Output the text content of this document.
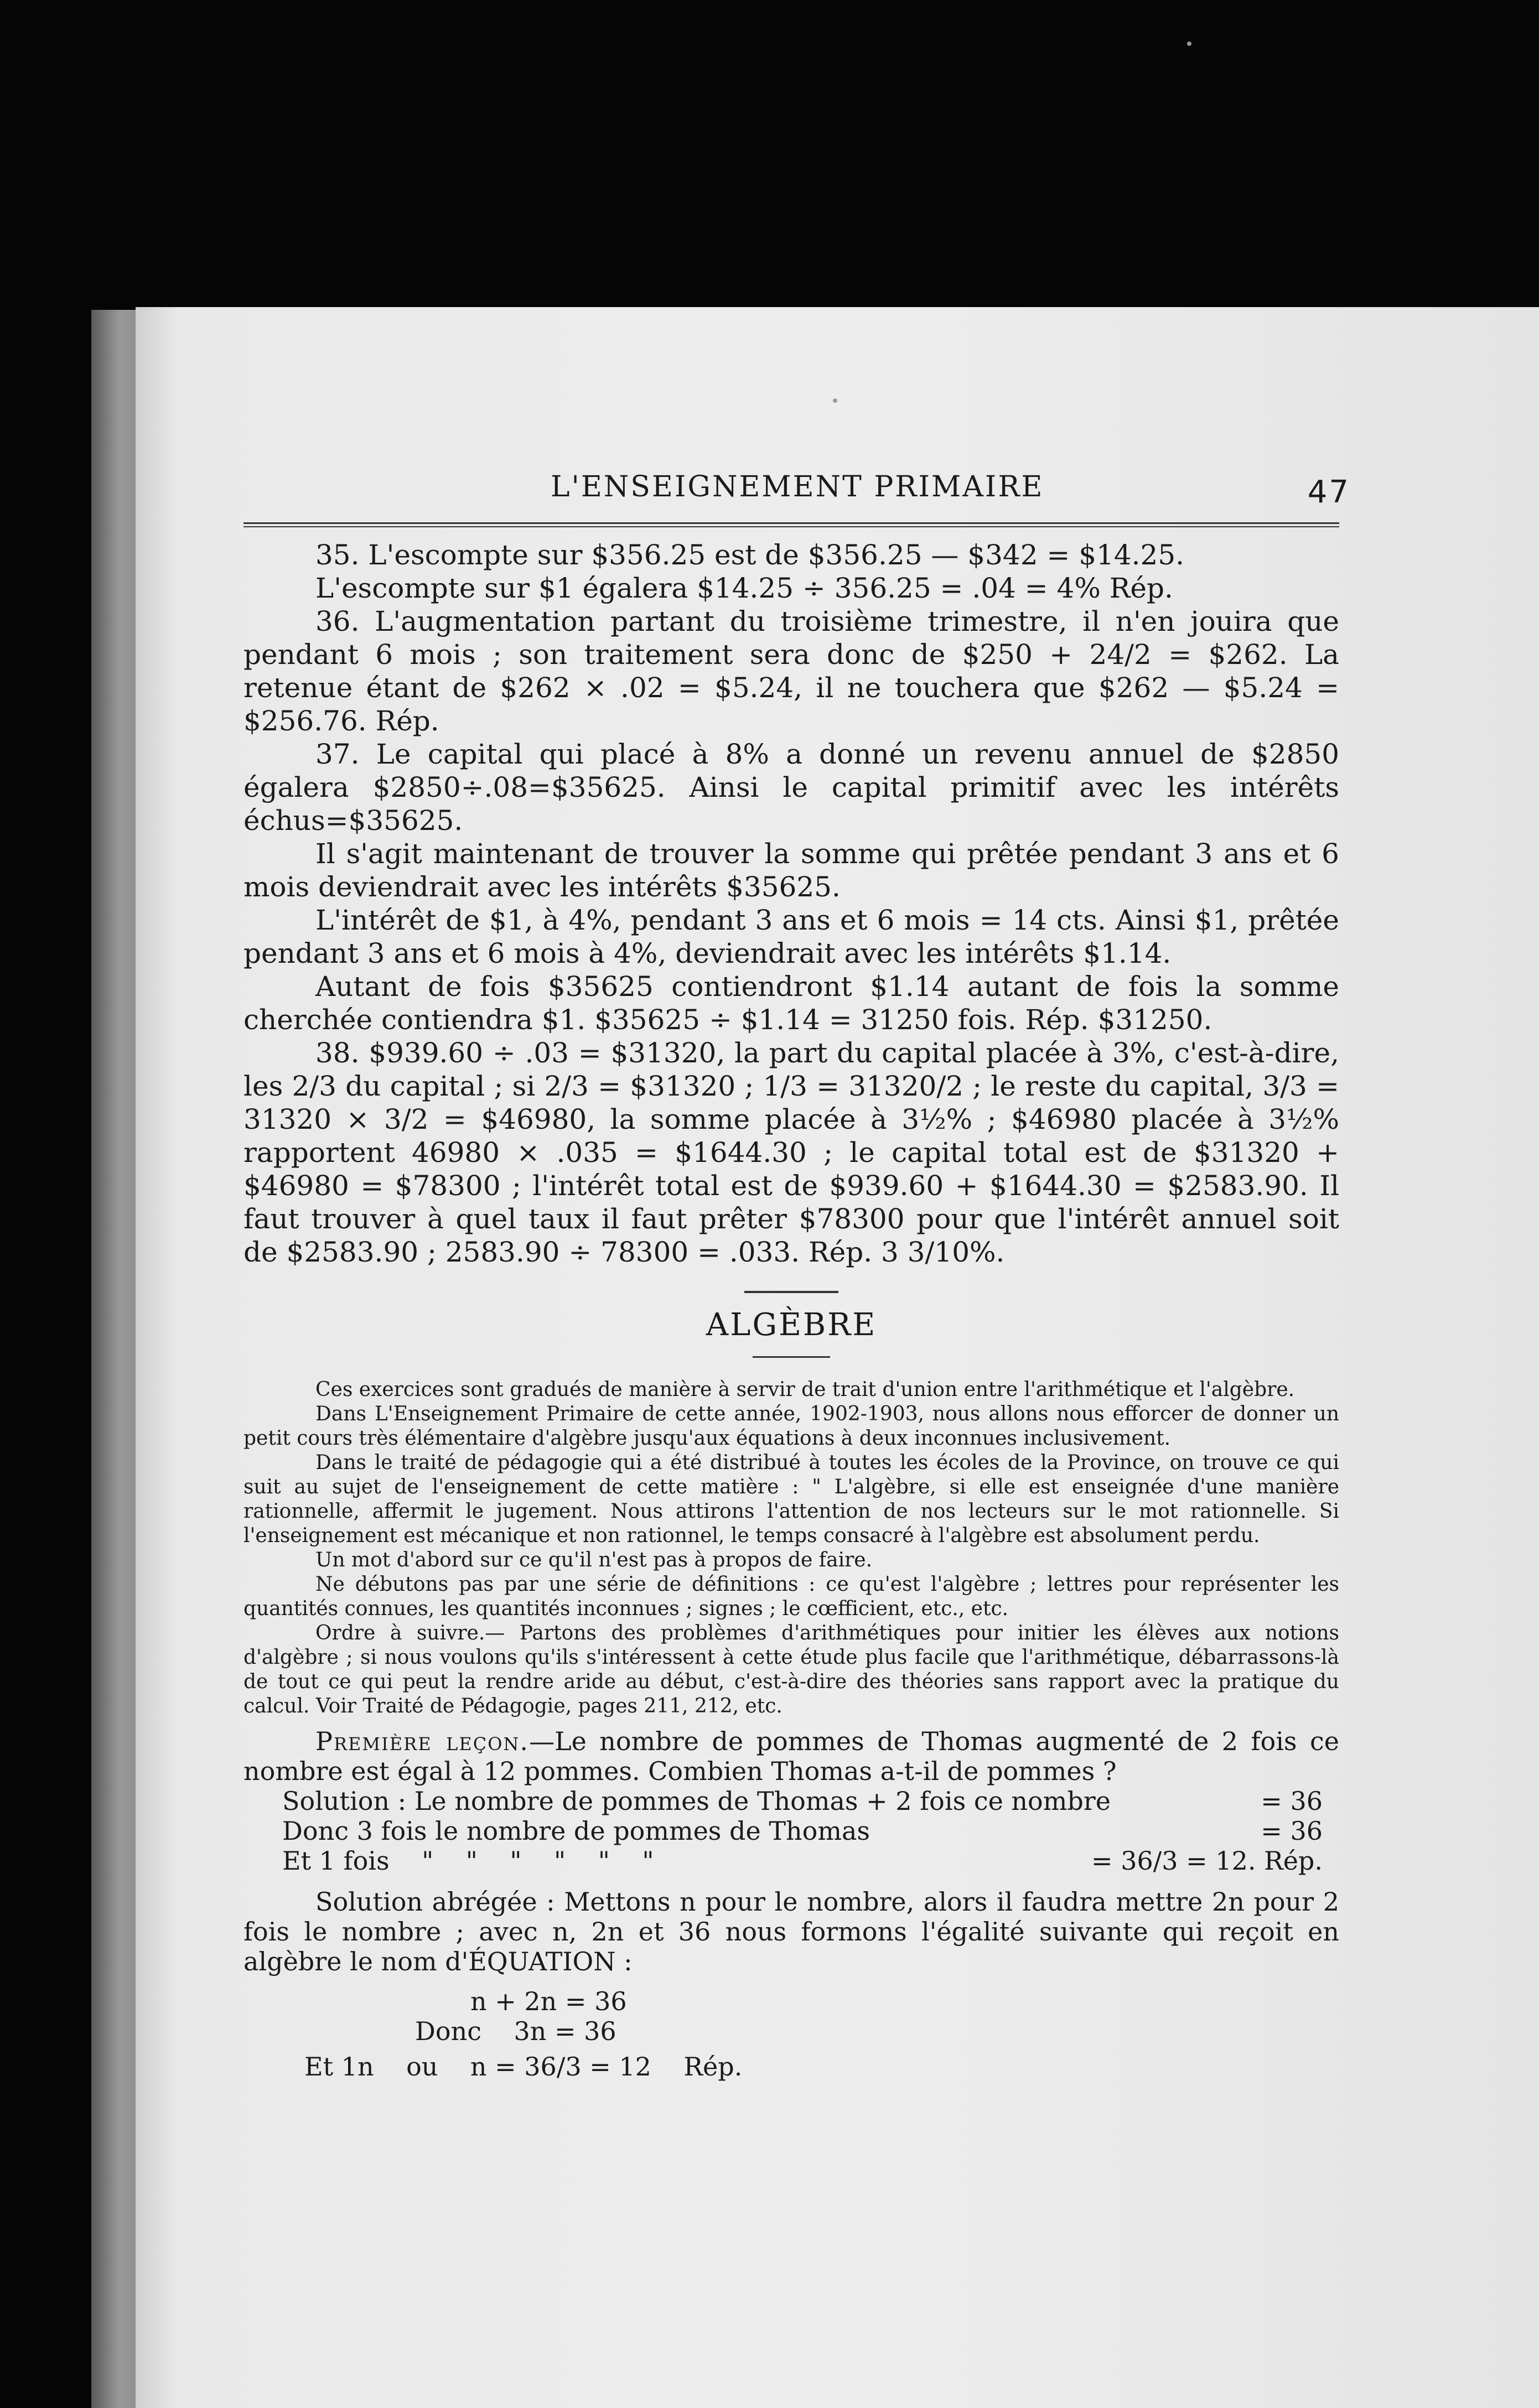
L'ENSEIGNEMENT PRIMAIRE	47

35. L'escompte sur $356.25 est de $356.25 — $342 = $14.25.

L'escompte sur $1 égalera $14.25 ÷ 356.25 = .04 = 4% Rép.

36. L'augmentation partant du troisième trimestre, il n'en jouira que pendant 6 mois ; son traitement sera donc de $250 + 24/2 = $262. La retenue étant de $262 × .02 = $5.24, il ne touchera que $262 — $5.24 = $256.76. Rép.

37. Le capital qui placé à 8% a donné un revenu annuel de $2850 égalera $2850÷.08=$35625. Ainsi le capital primitif avec les intérêts échus=$35625.

Il s'agit maintenant de trouver la somme qui prêtée pendant 3 ans et 6 mois deviendrait avec les intérêts $35625.

L'intérêt de $1, à 4%, pendant 3 ans et 6 mois = 14 cts. Ainsi $1, prêtée pendant 3 ans et 6 mois à 4%, deviendrait avec les intérêts $1.14.

Autant de fois $35625 contiendront $1.14 autant de fois la somme cherchée contiendra $1. $35625 ÷ $1.14 = 31250 fois. Rép. $31250.

38. $939.60 ÷ .03 = $31320, la part du capital placée à 3%, c'est-à-dire, les 2/3 du capital ; si 2/3 = $31320 ; 1/3 = 31320/2 ; le reste du capital, 3/3 = 31320 × 3/2 = $46980, la somme placée à 3½% ; $46980 placée à 3½% rapportent 46980 × .035 = $1644.30 ; le capital total est de $31320 + $46980 = $78300 ; l'intérêt total est de $939.60 + $1644.30 = $2583.90. Il faut trouver à quel taux il faut prêter $78300 pour que l'intérêt annuel soit de $2583.90 ; 2583.90 ÷ 78300 = .033. Rép. 3 3/10%.

ALGÈBRE

Ces exercices sont gradués de manière à servir de trait d'union entre l'arithmétique et l'algèbre.

Dans L'Enseignement Primaire de cette année, 1902-1903, nous allons nous efforcer de donner un petit cours très élémentaire d'algèbre jusqu'aux équations à deux inconnues inclusivement.

Dans le traité de pédagogie qui a été distribué à toutes les écoles de la Province, on trouve ce qui suit au sujet de l'enseignement de cette matière : " L'algèbre, si elle est enseignée d'une manière rationnelle, affermit le jugement. Nous attirons l'attention de nos lecteurs sur le mot rationnelle. Si l'enseignement est mécanique et non rationnel, le temps consacré à l'algèbre est absolument perdu.

Un mot d'abord sur ce qu'il n'est pas à propos de faire.

Ne débutons pas par une série de définitions : ce qu'est l'algèbre ; lettres pour représenter les quantités connues, les quantités inconnues ; signes ; le cœfficient, etc., etc.

Ordre à suivre.— Partons des problèmes d'arithmétiques pour initier les élèves aux notions d'algèbre ; si nous voulons qu'ils s'intéressent à cette étude plus facile que l'arithmétique, débarrassons-là de tout ce qui peut la rendre aride au début, c'est-à-dire des théories sans rapport avec la pratique du calcul. Voir Traité de Pédagogie, pages 211, 212, etc.

Première leçon.—Le nombre de pommes de Thomas augmenté de 2 fois ce nombre est égal à 12 pommes. Combien Thomas a-t-il de pommes ?

Solution : Le nombre de pommes de Thomas + 2 fois ce nombre	= 36
Donc 3 fois le nombre de pommes de Thomas	= 36
Et 1 fois    "    "    "    "    "    "	= 36/3 = 12. Rép.

Solution abrégée : Mettons n pour le nombre, alors il faudra mettre 2n pour 2 fois le nombre ; avec n, 2n et 36 nous formons l'égalité suivante qui reçoit en algèbre le nom d'ÉQUATION :

n + 2n = 36

Donc    3n = 36

Et 1n    ou    n = 36/3 = 12    Rép.
